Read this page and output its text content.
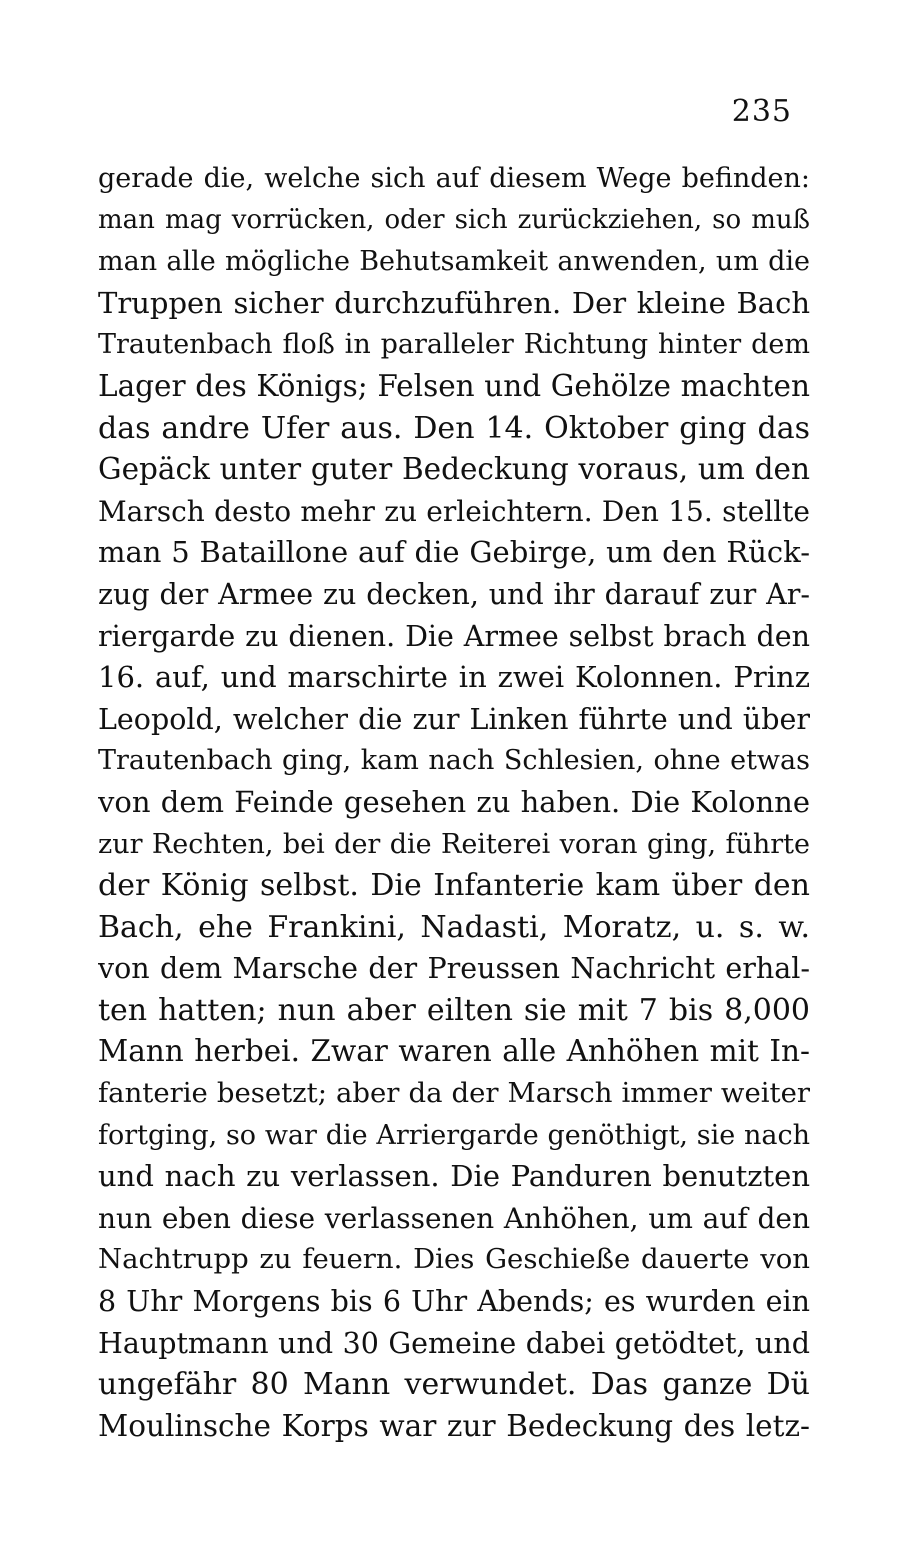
235
gerade die, welche sich auf diesem Wege befinden:
man mag vorrücken, oder sich zurückziehen, so muß
man alle mögliche Behutsamkeit anwenden, um die
Truppen sicher durchzuführen. Der kleine Bach
Trautenbach floß in paralleler Richtung hinter dem
Lager des Königs; Felsen und Gehölze machten
das andre Ufer aus. Den 14. Oktober ging das
Gepäck unter guter Bedeckung voraus, um den
Marsch desto mehr zu erleichtern. Den 15. stellte
man 5 Bataillone auf die Gebirge, um den Rück-
zug der Armee zu decken, und ihr darauf zur Ar-
riergarde zu dienen. Die Armee selbst brach den
16. auf, und marschirte in zwei Kolonnen. Prinz
Leopold, welcher die zur Linken führte und über
Trautenbach ging, kam nach Schlesien, ohne etwas
von dem Feinde gesehen zu haben. Die Kolonne
zur Rechten, bei der die Reiterei voran ging, führte
der König selbst. Die Infanterie kam über den
Bach, ehe Frankini, Nadasti, Moratz, u. s. w.
von dem Marsche der Preussen Nachricht erhal-
ten hatten; nun aber eilten sie mit 7 bis 8,000
Mann herbei. Zwar waren alle Anhöhen mit In-
fanterie besetzt; aber da der Marsch immer weiter
fortging, so war die Arriergarde genöthigt, sie nach
und nach zu verlassen. Die Panduren benutzten
nun eben diese verlassenen Anhöhen, um auf den
Nachtrupp zu feuern. Dies Geschieße dauerte von
8 Uhr Morgens bis 6 Uhr Abends; es wurden ein
Hauptmann und 30 Gemeine dabei getödtet, und
ungefähr 80 Mann verwundet. Das ganze Dü
Moulinsche Korps war zur Bedeckung des letz-
